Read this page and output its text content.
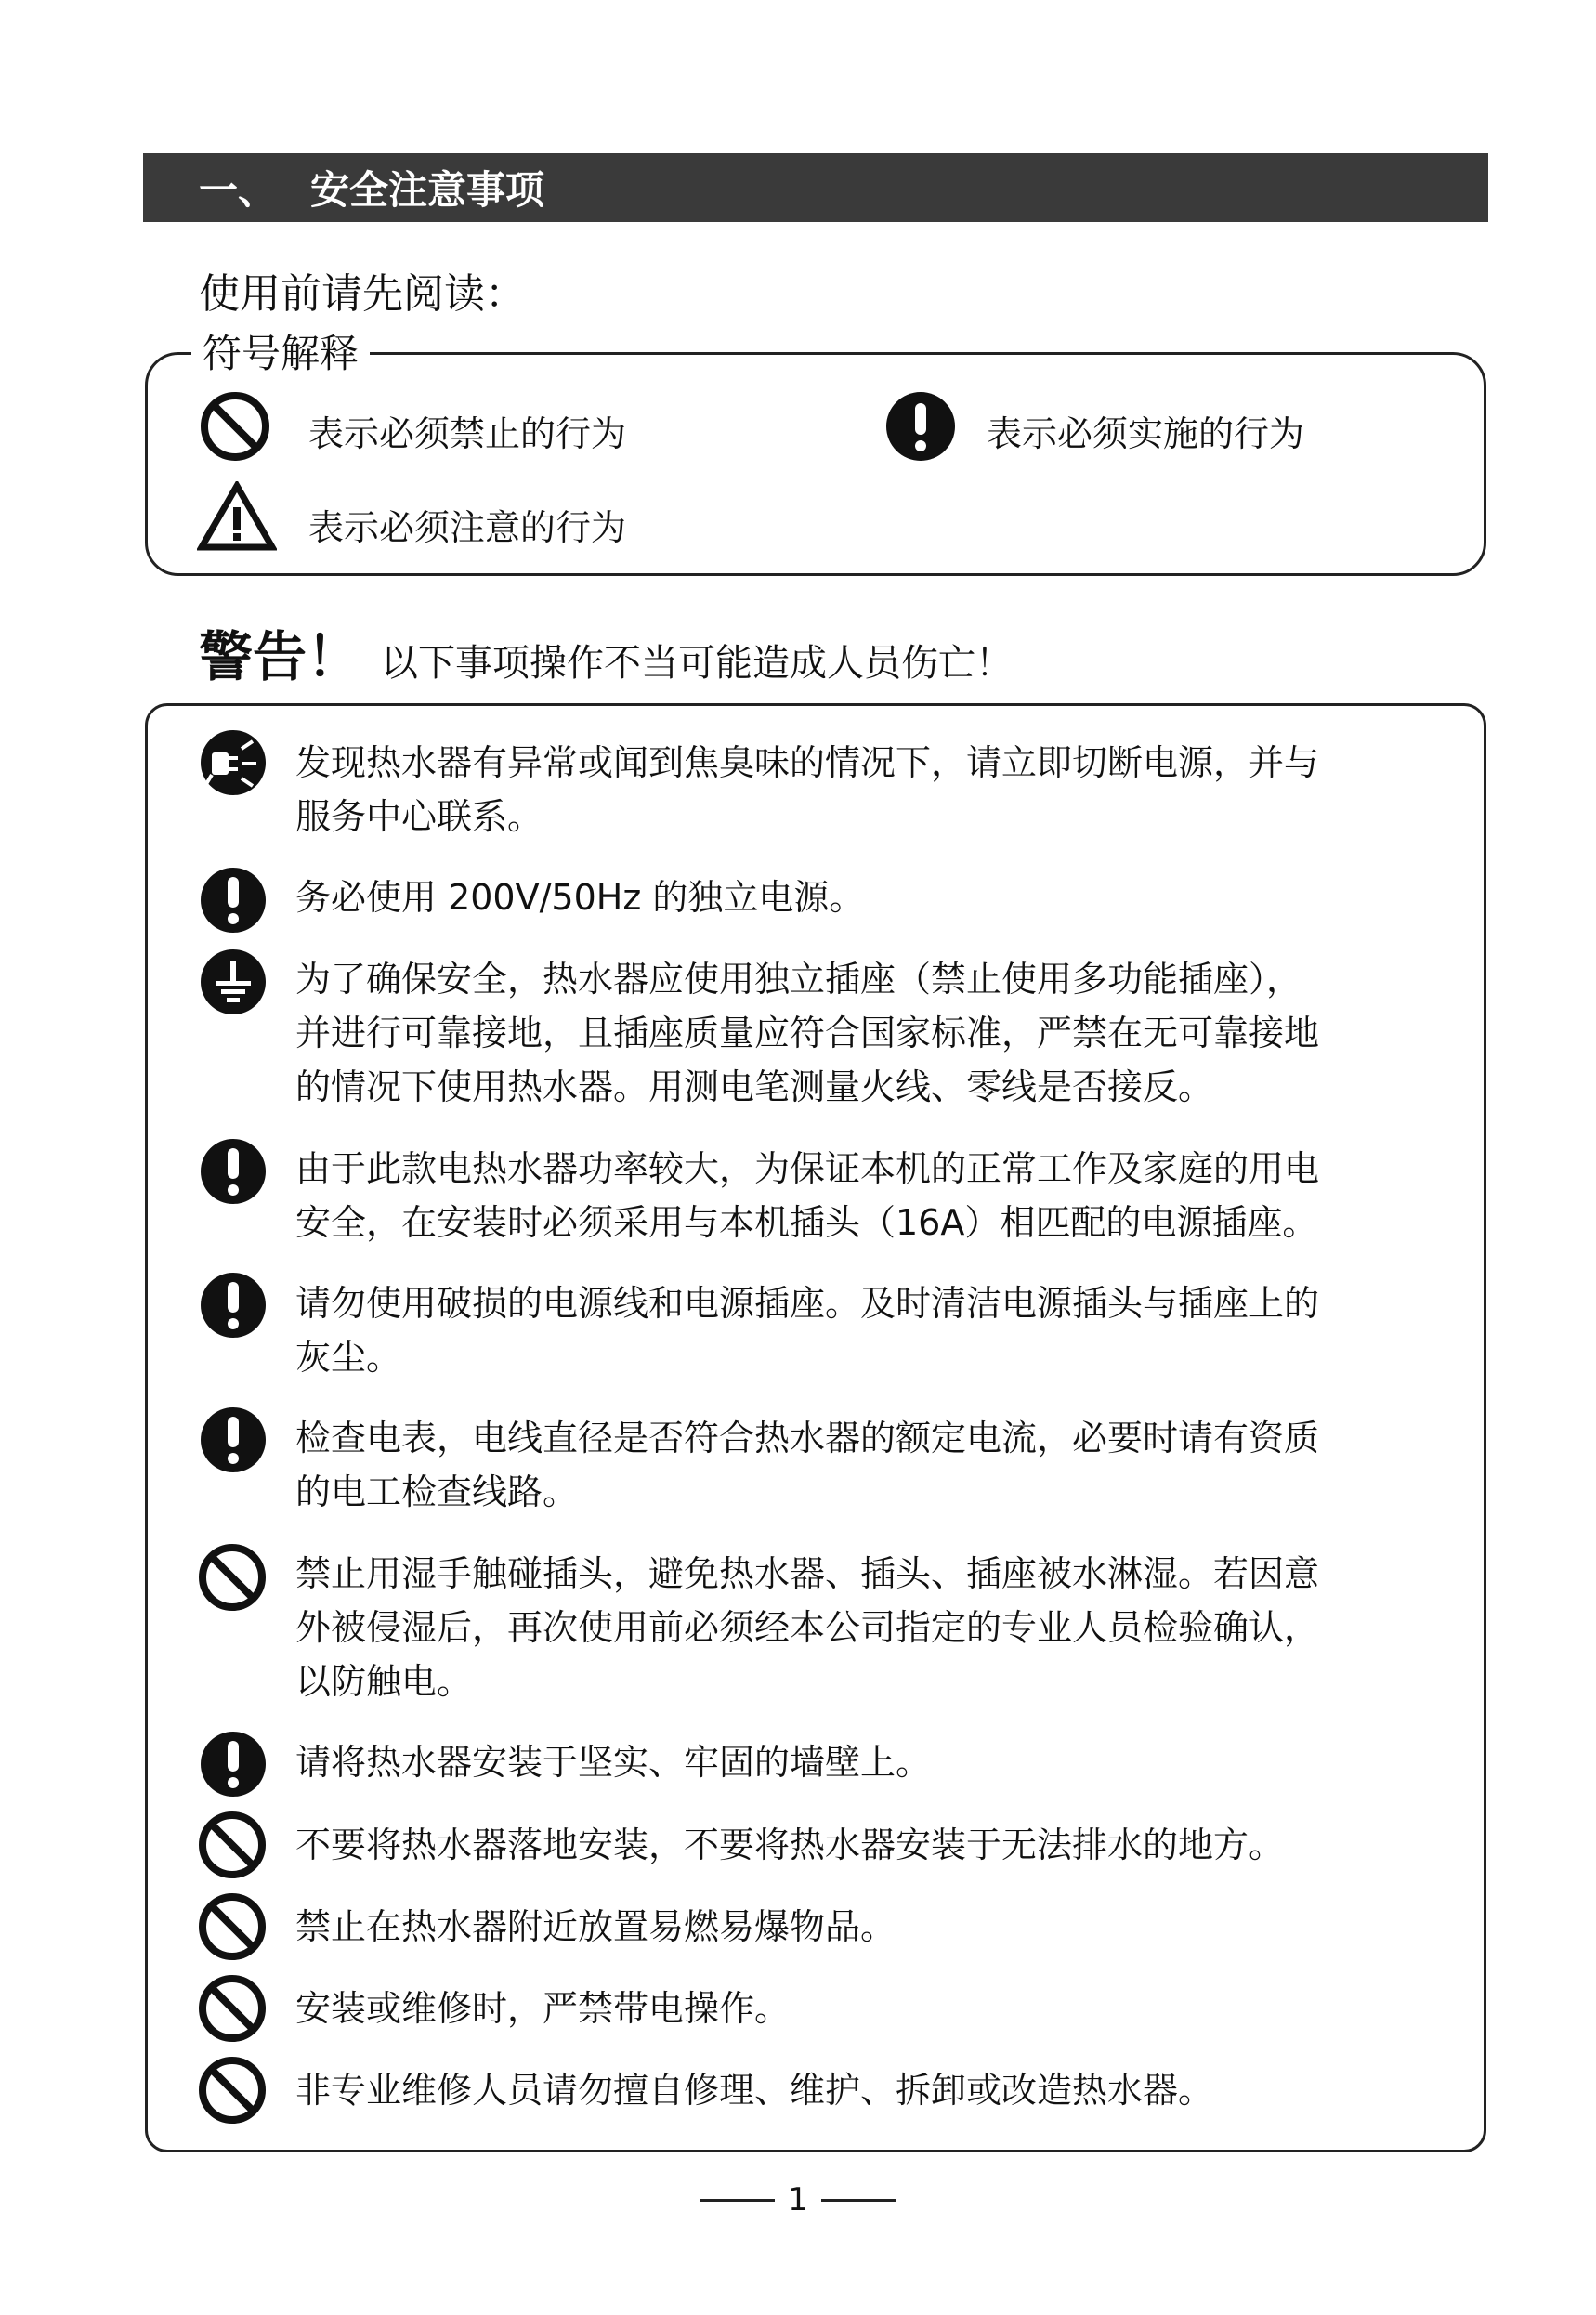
一、 安全注意事项
使用前请先阅读：
符号解释
表示必须禁止的行为	表示必须实施的行为
表示必须注意的行为
警告！ 以下事项操作不当可能造成人员伤亡！
发现热水器有异常或闻到焦臭味的情况下，请立即切断电源，并与
服务中心联系。
务必使用 200V/50Hz 的独立电源。
为了确保安全，热水器应使用独立插座（禁止使用多功能插座），
并进行可靠接地，且插座质量应符合国家标准，严禁在无可靠接地
的情况下使用热水器。用测电笔测量火线、零线是否接反。
由于此款电热水器功率较大，为保证本机的正常工作及家庭的用电
安全，在安装时必须采用与本机插头（16A）相匹配的电源插座。
请勿使用破损的电源线和电源插座。及时清洁电源插头与插座上的
灰尘。
检查电表，电线直径是否符合热水器的额定电流，必要时请有资质
的电工检查线路。
禁止用湿手触碰插头，避免热水器、插头、插座被水淋湿。若因意
外被侵湿后，再次使用前必须经本公司指定的专业人员检验确认，
以防触电。
请将热水器安装于坚实、牢固的墙壁上。
不要将热水器落地安装，不要将热水器安装于无法排水的地方。
禁止在热水器附近放置易燃易爆物品。
安装或维修时，严禁带电操作。
非专业维修人员请勿擅自修理、维护、拆卸或改造热水器。
1
